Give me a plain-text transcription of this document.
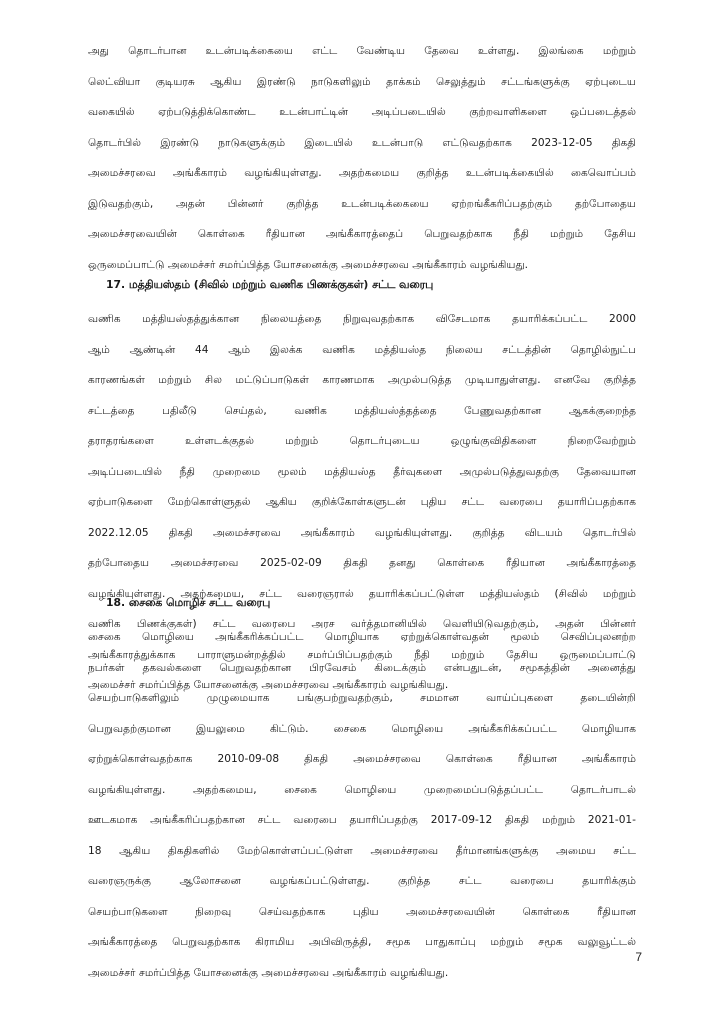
அது தொடர்பான உடன்படிக்கையை எட்ட வேண்டிய தேவை உள்ளது. இலங்கை மற்றும்
லெட்வியா குடியரசு ஆகிய இரண்டு நாடுகளிலும் தாக்கம் செலுத்தும் சட்டங்களுக்கு ஏற்புடைய
வகையில் ஏற்படுத்திக்கொண்ட உடன்பாட்டின் அடிப்படையில் குற்றவாளிகளை ஒப்படைத்தல்
தொடர்பில் இரண்டு நாடுகளுக்கும் இடையில் உடன்பாடு எட்டுவதற்காக 2023-12-05 திகதி
அமைச்சரவை அங்கீகாரம் வழங்கியுள்ளது. அதற்கமைய குறித்த உடன்படிக்கையில் கைவொப்பம்
இடுவதற்கும், அதன் பின்னர் குறித்த உடன்படிக்கையை ஏற்றங்கீகரிப்பதற்கும் தற்போதைய
அமைச்சரவையின் கொள்கை ரீதியான அங்கீகாரத்தைப் பெறுவதற்காக நீதி மற்றும் தேசிய
ஒருமைப்பாட்டு அமைச்சர் சமர்ப்பித்த யோசனைக்கு அமைச்சரவை அங்கீகாரம் வழங்கியது.
17. மத்தியஸ்தம் (சிவில் மற்றும் வணிக பிணக்குகள்) சட்ட வரைபு
வணிக மத்தியஸ்தத்துக்கான நிலையத்தை நிறுவுவதற்காக விசேடமாக தயாரிக்கப்பட்ட 2000
ஆம் ஆண்டின் 44 ஆம் இலக்க வணிக மத்தியஸ்த நிலைய சட்டத்தின் தொழில்நுட்ப
காரணங்கள் மற்றும் சில மட்டுப்பாடுகள் காரணமாக அமுல்படுத்த முடியாதுள்ளது. எனவே குறித்த
சட்டத்தை பதிலீடு செய்தல், வணிக மத்தியஸ்த்தத்தை பேணுவதற்கான ஆகக்குறைந்த
தராதரங்களை உள்ளடக்குதல் மற்றும் தொடர்புடைய ஒழுங்குவிதிகளை நிறைவேற்றும்
அடிப்படையில் நீதி முறைமை மூலம் மத்தியஸ்த தீர்வுகளை அமுல்படுத்துவதற்கு தேவையான
ஏற்பாடுகளை மேற்கொள்ளுதல் ஆகிய குறிக்கோள்களுடன் புதிய சட்ட வரைபை தயாரிப்பதற்காக
2022.12.05 திகதி அமைச்சரவை அங்கீகாரம் வழங்கியுள்ளது. குறித்த விடயம் தொடர்பில்
தற்போதைய அமைச்சரவை 2025-02-09 திகதி தனது கொள்கை ரீதியான அங்கீகாரத்தை
வழங்கியுள்ளது. அதற்கமைய, சட்ட வரைஞரால் தயாரிக்கப்பட்டுள்ள மத்தியஸ்தம் (சிவில் மற்றும்
வணிக பிணக்குகள்) சட்ட வரைபை அரச வர்த்தமானியில் வெளியிடுவதற்கும், அதன் பின்னர்
அங்கீகாரத்துக்காக பாராளுமன்றத்தில் சமர்ப்பிப்பதற்கும் நீதி மற்றும் தேசிய ஒருமைப்பாட்டு
அமைச்சர் சமர்ப்பித்த யோசனைக்கு அமைச்சரவை அங்கீகாரம் வழங்கியது.
18. சைகை மொழிச் சட்ட வரைபு
சைகை மொழியை அங்கீகரிக்கப்பட்ட மொழியாக ஏற்றுக்கொள்வதன் மூலம் செவிப்புலனற்ற
நபர்கள் தகவல்களை பெறுவதற்கான பிரவேசம் கிடைக்கும் என்பதுடன், சமூகத்தின் அனைத்து
செயற்பாடுகளிலும் முழுமையாக பங்குபற்றுவதற்கும், சமமான வாய்ப்புகளை தடையின்றி
பெறுவதற்குமான இயலுமை கிட்டும். சைகை மொழியை அங்கீகரிக்கப்பட்ட மொழியாக
ஏற்றுக்கொள்வதற்காக 2010-09-08 திகதி அமைச்சரவை கொள்கை ரீதியான அங்கீகாரம்
வழங்கியுள்ளது. அதற்கமைய, சைகை மொழியை முறைமைப்படுத்தப்பட்ட தொடர்பாடல்
ஊடகமாக அங்கீகரிப்பதற்கான சட்ட வரைபை தயாரிப்பதற்கு 2017-09-12 திகதி மற்றும் 2021-01-
18 ஆகிய திகதிகளில் மேற்கொள்ளப்பட்டுள்ள அமைச்சரவை தீர்மானங்களுக்கு அமைய சட்ட
வரைஞருக்கு ஆலோசனை வழங்கப்பட்டுள்ளது. குறித்த சட்ட வரைபை தயாரிக்கும்
செயற்பாடுகளை நிறைவு செய்வதற்காக புதிய அமைச்சரவையின் கொள்கை ரீதியான
அங்கீகாரத்தை பெறுவதற்காக கிராமிய அபிவிருத்தி, சமூக பாதுகாப்பு மற்றும் சமூக வலுவூட்டல்
அமைச்சர் சமர்ப்பித்த யோசனைக்கு அமைச்சரவை அங்கீகாரம் வழங்கியது.
7
